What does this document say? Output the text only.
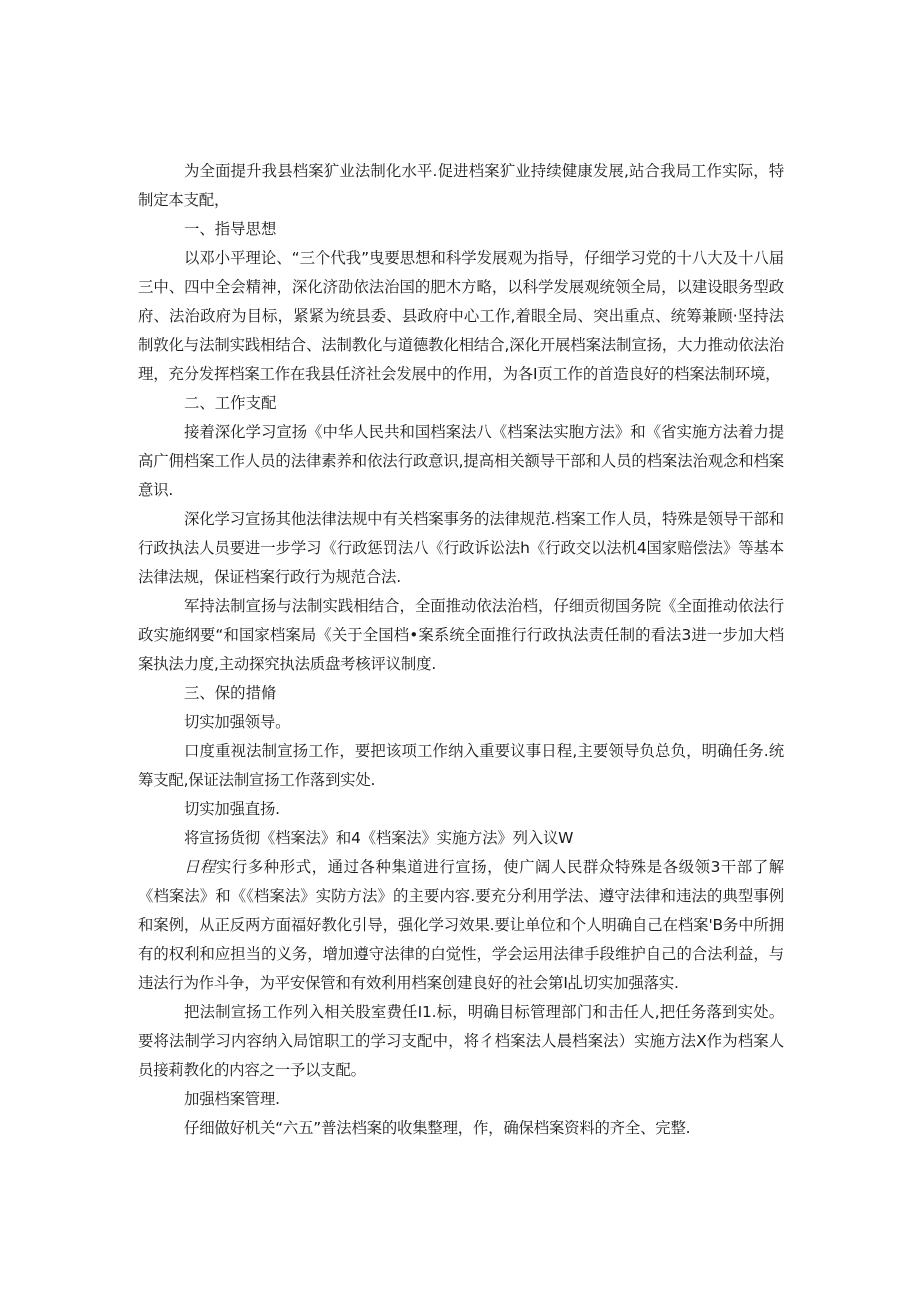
为全面提升我县档案犷业法制化水平.促进档案犷业持续健康发展,站合我局工作实际，特制定本支配，

一、指导思想

以邓小平理论、“三个代我”曳要思想和科学发展观为指导，仔细学习党的十八大及十八届三中、四中全会精神，深化济劭依法治国的肥木方略，以科学发展观统领全局，以建设眼务型政府、法治政府为目标，紧紧为统县委、县政府中心工作,着眼全局、突出重点、统筹兼顾·坚持法制敦化与法制实践相结合、法制教化与道德教化相结合,深化开展档案法制宣扬，大力推动依法治理，充分发挥档案工作在我县任济社会发展中的作用，为各I页工作的首造良好的档案法制环境，

二、工作支配

接着深化学习宣扬《中华人民共和国档案法八《档案法实胞方法》和《省实施方法着力提高广佣档案工作人员的法律素养和依法行政意识,提高相关额导干部和人员的档案法治观念和档案意识.

深化学习宣扬其他法律法规中有关档案事务的法律规范.档案工作人员，特殊是领导干部和行政执法人员要进一步学习《行政惩罚法八《行政诉讼法h《行政交以法机4国家赔偿法》等基本法律法规，保证档案行政行为规范合法.

军持法制宣扬与法制实践相结合，全面推动依法治档，仔细贡彻国务院《全面推动依法行政实施纲要“和国家档案局《关于全国档•案系统全面推行行政执法责任制的看法3进一步加大档案执法力度,主动探究执法质盘考核评议制度.

三、保的措脩

切实加强领导。

口度重视法制宣扬工作，要把该项工作纳入重要议事日程,主要领导负总负，明确任务.统筹支配,保证法制宣扬工作落到实处.

切实加强直扬.

将宣扬货彻《档案法》和4《档案法》实施方法》列入议W

日程实行多种形式，通过各种集道进行宣扬，使广阔人民群众特殊是各级领3干部了解《档案法》和《《档案法》实防方法》的主要内容.要充分利用学法、遵守法律和违法的典型事例和案例，从正反两方面福好教化引导，强化学习效果.要让单位和个人明确自己在档案'B务中所拥有的权利和应担当的义务，增加遵守法律的白觉性，学会运用法律手段维护自己的合法利益，与违法行为作斗争，为平安保管和有效利用档案创建良好的社会第I乩切实加强落实.

把法制宣扬工作列入相关股室费任I1.标，明确目标管理部门和击任人,把任务落到实处。要将法制学习内容纳入局馆职工的学习支配中，将彳档案法人晨档案法）实施方法X作为档案人员接莉教化的内容之一予以支配。

加强档案管理.

仔细做好机关“六五”普法档案的收集整理，作，确保档案资料的齐全、完整.
